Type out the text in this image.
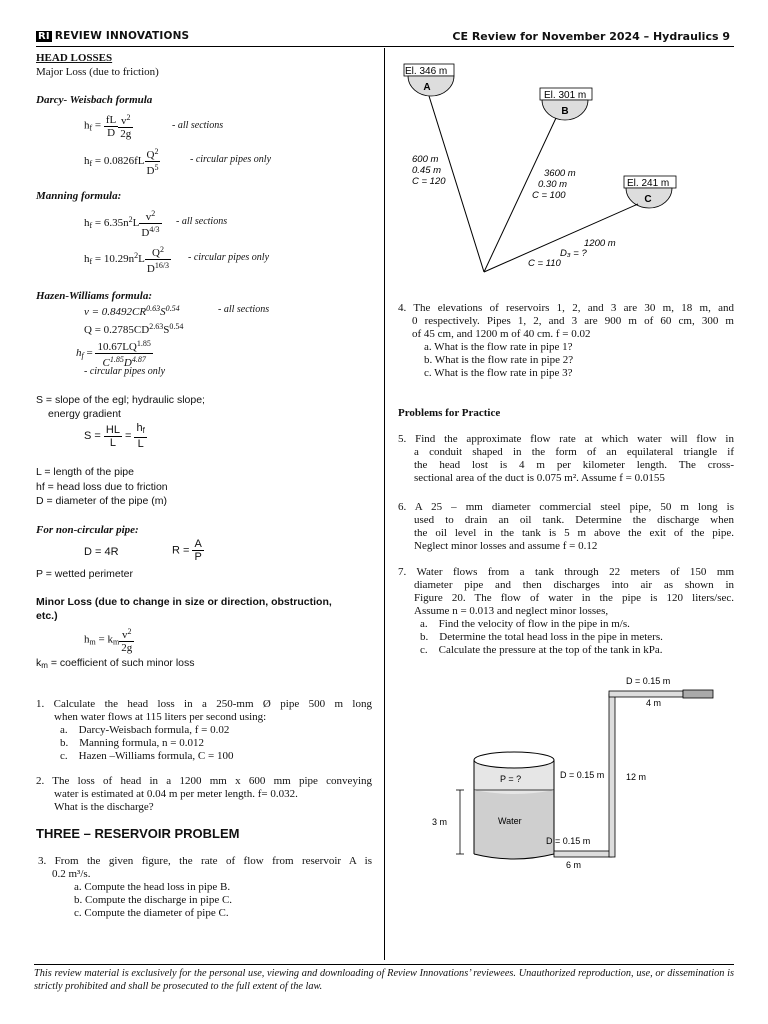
RI REVIEW INNOVATIONS	CE Review for November 2024 – Hydraulics 9
HEAD LOSSES
Major Loss (due to friction)
Darcy- Weisbach formula
$h_f = \frac{fL}{D} \frac{v^2}{2g}$	- all sections
$h_f = 0.0826fL \frac{Q^2}{D^5}$	- circular pipes only
Manning formula:
$h_f = 6.35n^2L \frac{v^2}{D^{4/3}}$ - all sections
$h_f = 10.29n^2L \frac{Q^2}{D^{16/3}}$ - circular pipes only
Hazen-Williams formula:
$v = 0.8492CR^{0.63}S^{0.54}$	- all sections
$Q = 0.2785CD^{2.63}S^{0.54}$
$h_f = \frac{10.67LQ^{1.85}}{C^{1.85}D^{4.87}}$
- circular pipes only
S = slope of the egl; hydraulic slope;
energy gradient
$S = \frac{HL}{L} = \frac{h_f}{L}$
L = length of the pipe
hf = head loss due to friction
D = diameter of the pipe (m)
For non-circular pipe:
D = 4R	$R = \frac{A}{P}$
P = wetted perimeter
Minor Loss (due to change in size or direction, obstruction,
etc.)
$h_m = k_m \frac{v^2}{2g}$
$k_m$ = coefficient of such minor loss
1. Calculate the head loss in a 250-mm Ø pipe 500 m long
when water flows at 115 liters per second using:
a.    Darcy-Weisbach formula, f = 0.02
b.    Manning formula, n = 0.012
c.    Hazen –Williams formula, C = 100
2. The loss of head in a 1200 mm x 600 mm pipe conveying
water is estimated at 0.04 m per meter length. f= 0.032.
What is the discharge?
THREE – RESERVOIR PROBLEM
3. From the given figure, the rate of flow from reservoir A is
0.2 m³/s.
a. Compute the head loss in pipe B.
b. Compute the discharge in pipe C.
c. Compute the diameter of pipe C.
El. 346 m
A
El. 301 m
B
El. 241 m
C
600 m
0.45 m
C = 120
3600 m
0.30 m
C = 100
1200 m
D₃ = ?
C = 110
4. The elevations of reservoirs 1, 2, and 3 are 30 m, 18 m, and
0 respectively. Pipes 1, 2, and 3 are 900 m of 60 cm, 300 m
of 45 cm, and 1200 m of 40 cm. f = 0.02
a. What is the flow rate in pipe 1?
b. What is the flow rate in pipe 2?
c. What is the flow rate in pipe 3?
Problems for Practice
5. Find the approximate flow rate at which water will flow in
a conduit shaped in the form of an equilateral triangle if
the head lost is 4 m per kilometer length. The cross-
sectional area of the duct is 0.075 m². Assume f = 0.0155
6. A 25 – mm diameter commercial steel pipe, 50 m long is
used to drain an oil tank. Determine the discharge when
the oil level in the tank is 5 m above the exit of the pipe.
Neglect minor losses and assume f = 0.12
7. Water flows from a tank through 22 meters of 150 mm
diameter pipe and then discharges into air as shown in
Figure 20. The flow of water in the pipe is 120 liters/sec.
Assume n = 0.013 and neglect minor losses,
a.    Find the velocity of flow in the pipe in m/s.
b.    Determine the total head loss in the pipe in meters.
c.    Calculate the pressure at the top of the tank in kPa.
P = ?
Water
3 m
D = 0.15 m
4 m
D = 0.15 m 12 m
D = 0.15 m
6 m
This review material is exclusively for the personal use, viewing and downloading of Review Innovations’ reviewees. Unauthorized reproduction, use, or dissemination is strictly prohibited and shall be prosecuted to the full extent of the law.
